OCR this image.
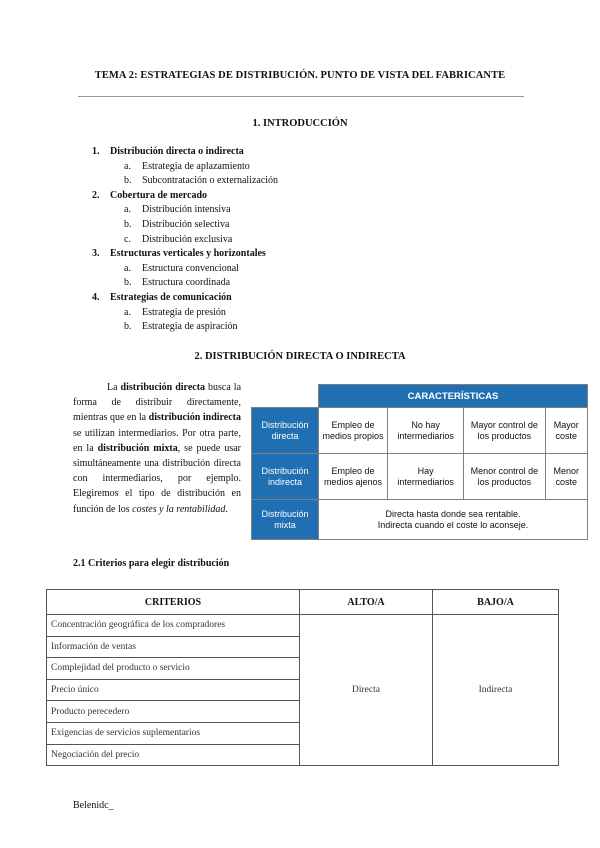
TEMA 2: ESTRATEGIAS DE DISTRIBUCIÓN. PUNTO DE VISTA DEL FABRICANTE
1. INTRODUCCIÓN
1. Distribución directa o indirecta
a. Estrategia de aplazamiento
b. Subcontratación o externalización
2. Cobertura de mercado
a. Distribución intensiva
b. Distribución selectiva
c. Distribución exclusiva
3. Estructuras verticales y horizontales
a. Estructura convencional
b. Estructura coordinada
4. Estrategias de comunicación
a. Estrategia de presión
b. Estrategia de aspiración
2. DISTRIBUCIÓN DIRECTA O INDIRECTA
La distribución directa busca la forma de distribuir directamente, mientras que en la distribución indirecta se utilizan intermediarios. Por otra parte, en la distribución mixta, se puede usar simultáneamente una distribución directa con intermediarios, por ejemplo. Elegiremos el tipo de distribución en función de los costes y la rentabilidad.
	CARACTERÍSTICAS			
Distribución directa	Empleo de medios propios	No hay intermediarios	Mayor control de los productos	Mayor coste
Distribución indirecta	Empleo de medios ajenos	Hay intermediarios	Menor control de los productos	Menor coste
Distribución mixta	Directa hasta donde sea rentable.
Indirecta cuando el coste lo aconseje.			
2.1 Criterios para elegir distribución
CRITERIOS	ALTO/A	BAJO/A
Concentración geográfica de los compradores	Directa	Indirecta
Información de ventas		
Complejidad del producto o servicio		
Precio único		
Producto perecedero		
Exigencias de servicios suplementarios		
Negociación del precio		
Belenidc_
